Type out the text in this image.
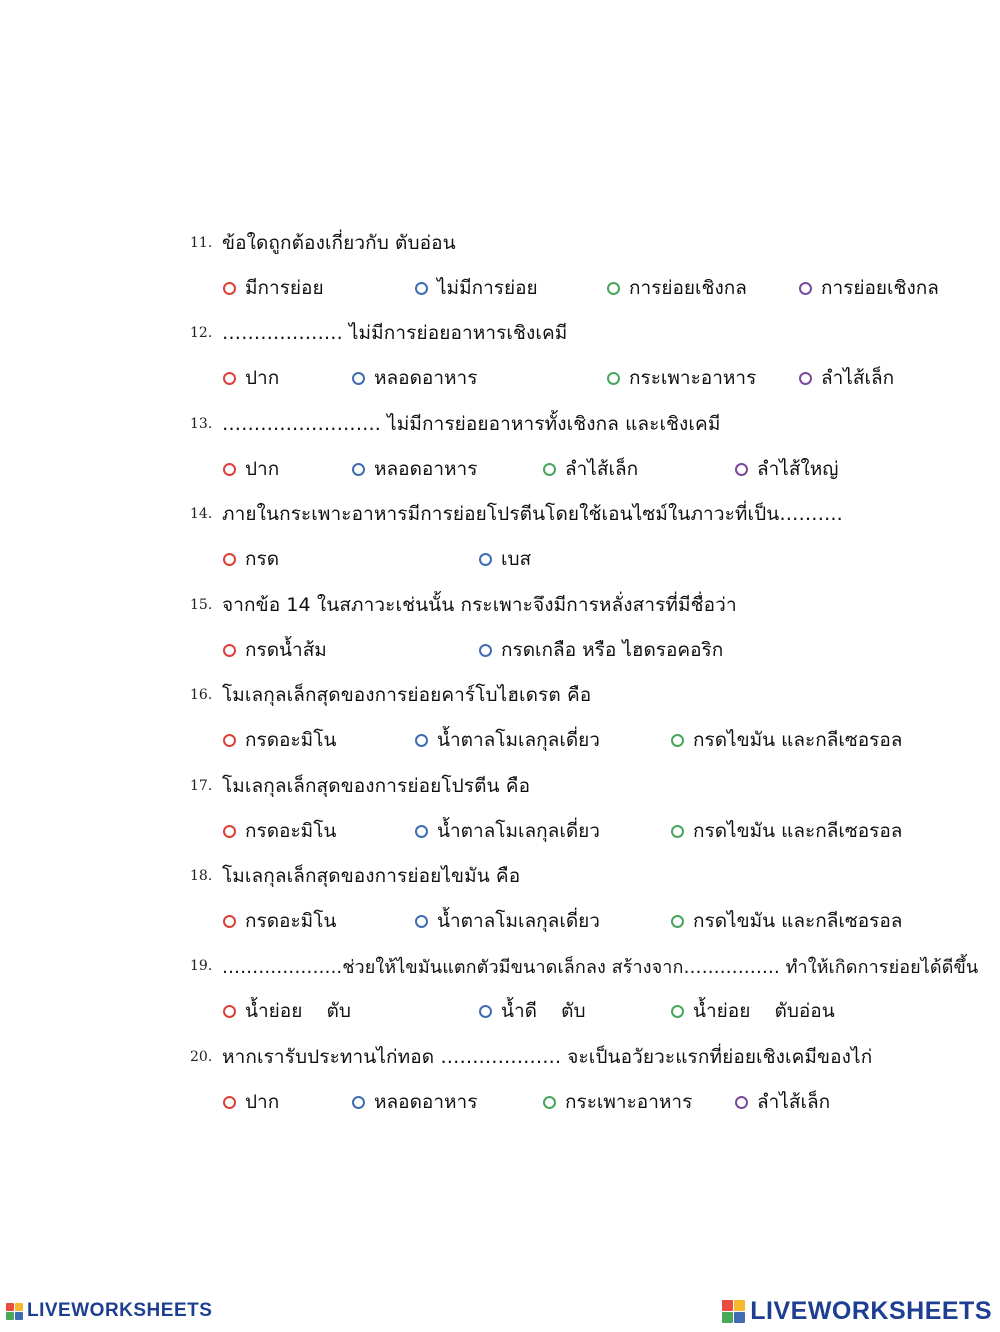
11. ข้อใดถูกต้องเกี่ยวกับ ตับอ่อน
มีการย่อย	ไม่มีการย่อย	การย่อยเชิงกล	การย่อยเชิงกล
12. ………………. ไม่มีการย่อยอาหารเชิงเคมี
ปาก	หลอดอาหาร	กระเพาะอาหาร	ลำไส้เล็ก
13. ……………………. ไม่มีการย่อยอาหารทั้งเชิงกล และเชิงเคมี
ปาก	หลอดอาหาร	ลำไส้เล็ก	ลำไส้ใหญ่
14. ภายในกระเพาะอาหารมีการย่อยโปรตีนโดยใช้เอนไซม์ในภาวะที่เป็น……….
กรด	เบส
15. จากข้อ 14 ในสภาวะเช่นนั้น กระเพาะจึงมีการหลั่งสารที่มีชื่อว่า
กรดน้ำส้ม	กรดเกลือ หรือ ไฮดรอคอริก
16. โมเลกุลเล็กสุดของการย่อยคาร์โบไฮเดรต คือ
กรดอะมิโน	น้ำตาลโมเลกุลเดี่ยว	กรดไขมัน และกลีเซอรอล
17. โมเลกุลเล็กสุดของการย่อยโปรตีน คือ
กรดอะมิโน	น้ำตาลโมเลกุลเดี่ยว	กรดไขมัน และกลีเซอรอล
18. โมเลกุลเล็กสุดของการย่อยไขมัน คือ
กรดอะมิโน	น้ำตาลโมเลกุลเดี่ยว	กรดไขมัน และกลีเซอรอล
19. ………………..ช่วยให้ไขมันแตกตัวมีขนาดเล็กลง สร้างจาก……………. ทำให้เกิดการย่อยได้ดีขึ้น
น้ำย่อย    ตับ	น้ำดี    ตับ	น้ำย่อย    ตับอ่อน
20. หากเรารับประทานไก่ทอด ………………. จะเป็นอวัยวะแรกที่ย่อยเชิงเคมีของไก่
ปาก	หลอดอาหาร	กระเพาะอาหาร	ลำไส้เล็ก
LIVEWORKSHEETS	LIVEWORKSHEETS
